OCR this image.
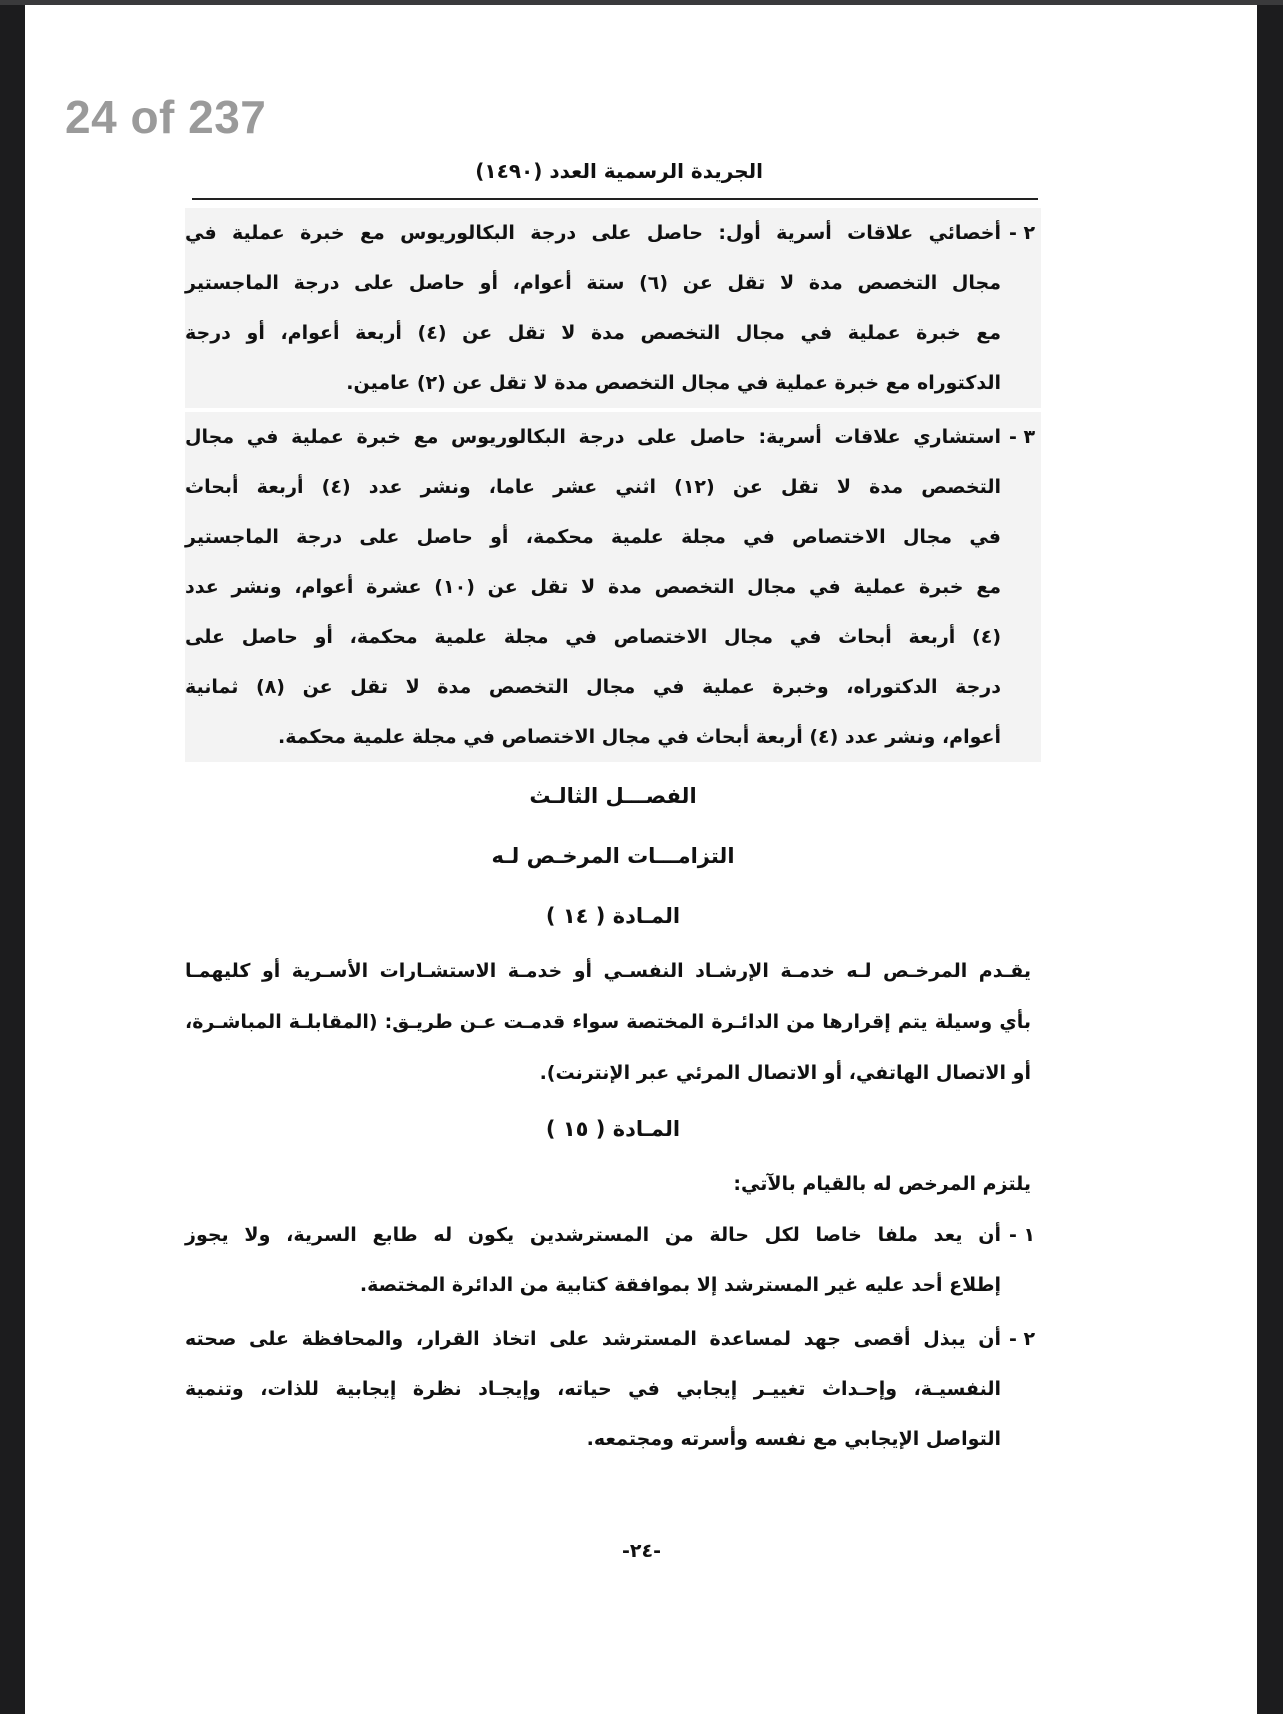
24 of 237
الجريدة الرسمية العدد (١٤٩٠)
٢ -
أخصائي علاقات أسرية أول: حاصل على درجة البكالوريوس مع خبرة عملية في
مجال التخصص مدة لا تقل عن (٦) ستة أعوام، أو حاصل على درجة الماجستير
مع خبرة عملية في مجال التخصص مدة لا تقل عن (٤) أربعة أعوام، أو درجة
الدكتوراه مع خبرة عملية في مجال التخصص مدة لا تقل عن (٢) عامين.
٣ -
استشاري علاقات أسرية: حاصل على درجة البكالوريوس مع خبرة عملية في مجال
التخصص مدة لا تقل عن (١٢) اثني عشر عاما، ونشر عدد (٤) أربعة أبحاث
في مجال الاختصاص في مجلة علمية محكمة، أو حاصل على درجة الماجستير
مع خبرة عملية في مجال التخصص مدة لا تقل عن (١٠) عشرة أعوام، ونشر عدد
(٤) أربعة أبحاث في مجال الاختصاص في مجلة علمية محكمة، أو حاصل على
درجة الدكتوراه، وخبرة عملية في مجال التخصص مدة لا تقل عن (٨) ثمانية
أعوام، ونشر عدد (٤) أربعة أبحاث في مجال الاختصاص في مجلة علمية محكمة.
الفصـــل الثالـث
التزامـــات المرخـص لـه
المـادة ( ١٤ )
يقـدم المرخـص لـه خدمـة الإرشـاد النفسـي أو خدمـة الاستشـارات الأسـرية أو كليهمـا
بأي وسيلة يتم إقرارها من الدائـرة المختصة سواء قدمـت عـن طريـق: (المقابلـة المباشـرة،
أو الاتصال الهاتفي، أو الاتصال المرئي عبر الإنترنت).
المـادة ( ١٥ )
يلتزم المرخص له بالقيام بالآتي:
١ -
أن يعد ملفا خاصا لكل حالة من المسترشدين يكون له طابع السرية، ولا يجوز
إطلاع أحد عليه غير المسترشد إلا بموافقة كتابية من الدائرة المختصة.
٢ -
أن يبذل أقصى جهد لمساعدة المسترشد على اتخاذ القرار، والمحافظة على صحته
النفسيـة، وإحـداث تغييـر إيجابي في حياته، وإيجـاد نظرة إيجابية للذات، وتنمية
التواصل الإيجابي مع نفسه وأسرته ومجتمعه.
-٢٤-
